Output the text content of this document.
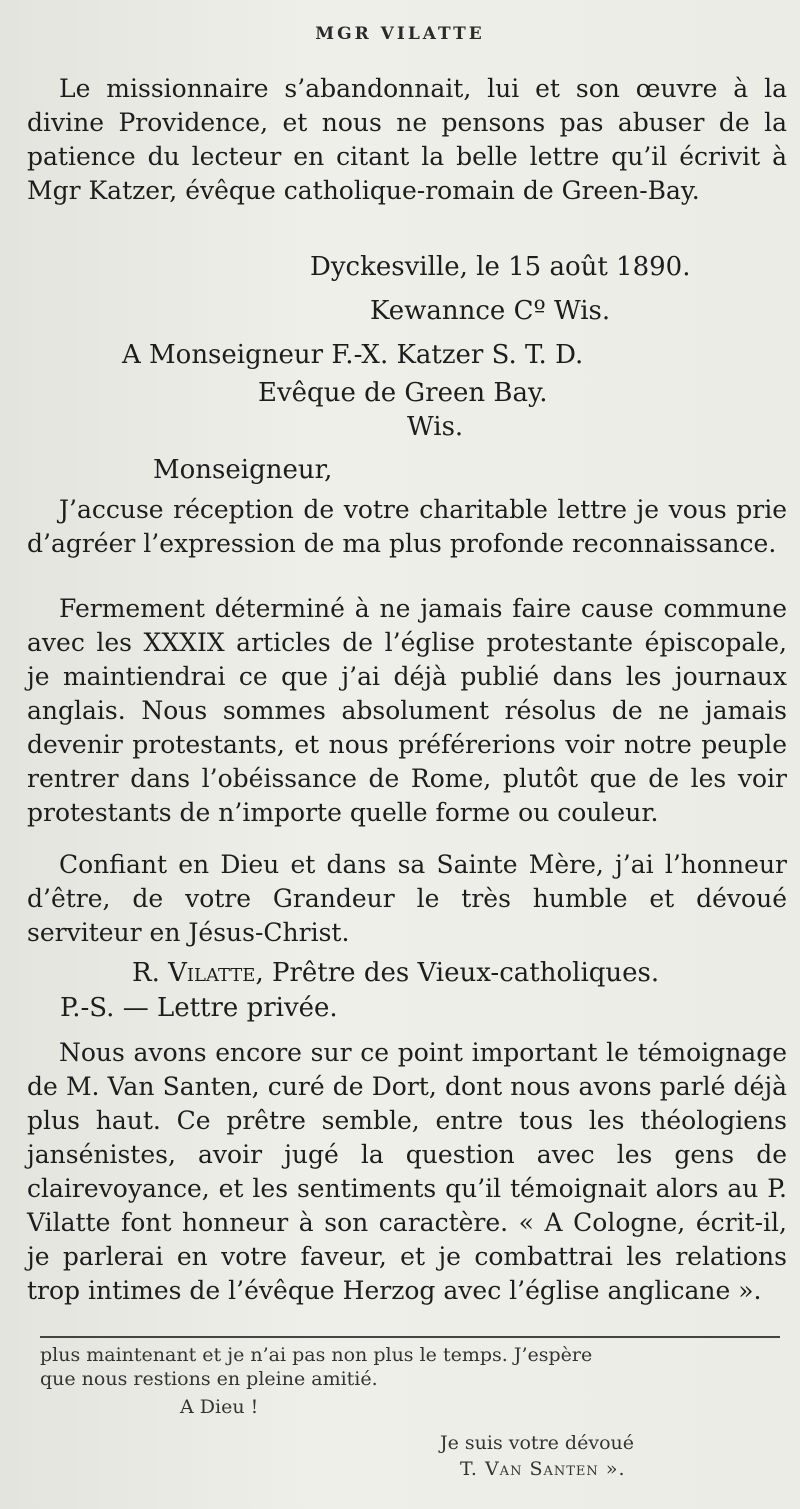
MGR VILATTE

Le missionnaire s’abandonnait, lui et son œuvre à la divine Providence, et nous ne pensons pas abuser de la patience du lecteur en citant la belle lettre qu’il écrivit à Mgr Katzer, évêque catholique-romain de Green-Bay.

Dyckesville, le 15 août 1890.
Kewannce Cº Wis.
A Monseigneur F.-X. Katzer S. T. D.
Evêque de Green Bay.
Wis.
Monseigneur,

J’accuse réception de votre charitable lettre je vous prie d’agréer l’expression de ma plus profonde reconnaissance.

Fermement déterminé à ne jamais faire cause commune avec les XXXIX articles de l’église protestante épiscopale, je maintiendrai ce que j’ai déjà publié dans les journaux anglais. Nous sommes absolument résolus de ne jamais devenir protestants, et nous préférerions voir notre peuple rentrer dans l’obéissance de Rome, plutôt que de les voir protestants de n’importe quelle forme ou couleur.

Confiant en Dieu et dans sa Sainte Mère, j’ai l’honneur d’être, de votre Grandeur le très humble et dévoué serviteur en Jésus-Christ.

R. Vilatte, Prêtre des Vieux-catholiques.
P.-S. — Lettre privée.

Nous avons encore sur ce point important le témoignage de M. Van Santen, curé de Dort, dont nous avons parlé déjà plus haut. Ce prêtre semble, entre tous les théologiens jansénistes, avoir jugé la question avec les gens de clairevoyance, et les sentiments qu’il témoignait alors au P. Vilatte font honneur à son caractère. « A Cologne, écrit-il, je parlerai en votre faveur, et je combattrai les relations trop intimes de l’évêque Herzog avec l’église anglicane ».

plus maintenant et je n’ai pas non plus le temps. J’espère
que nous restions en pleine amitié.
A Dieu !
Je suis votre dévoué
T. Van Santen ».
